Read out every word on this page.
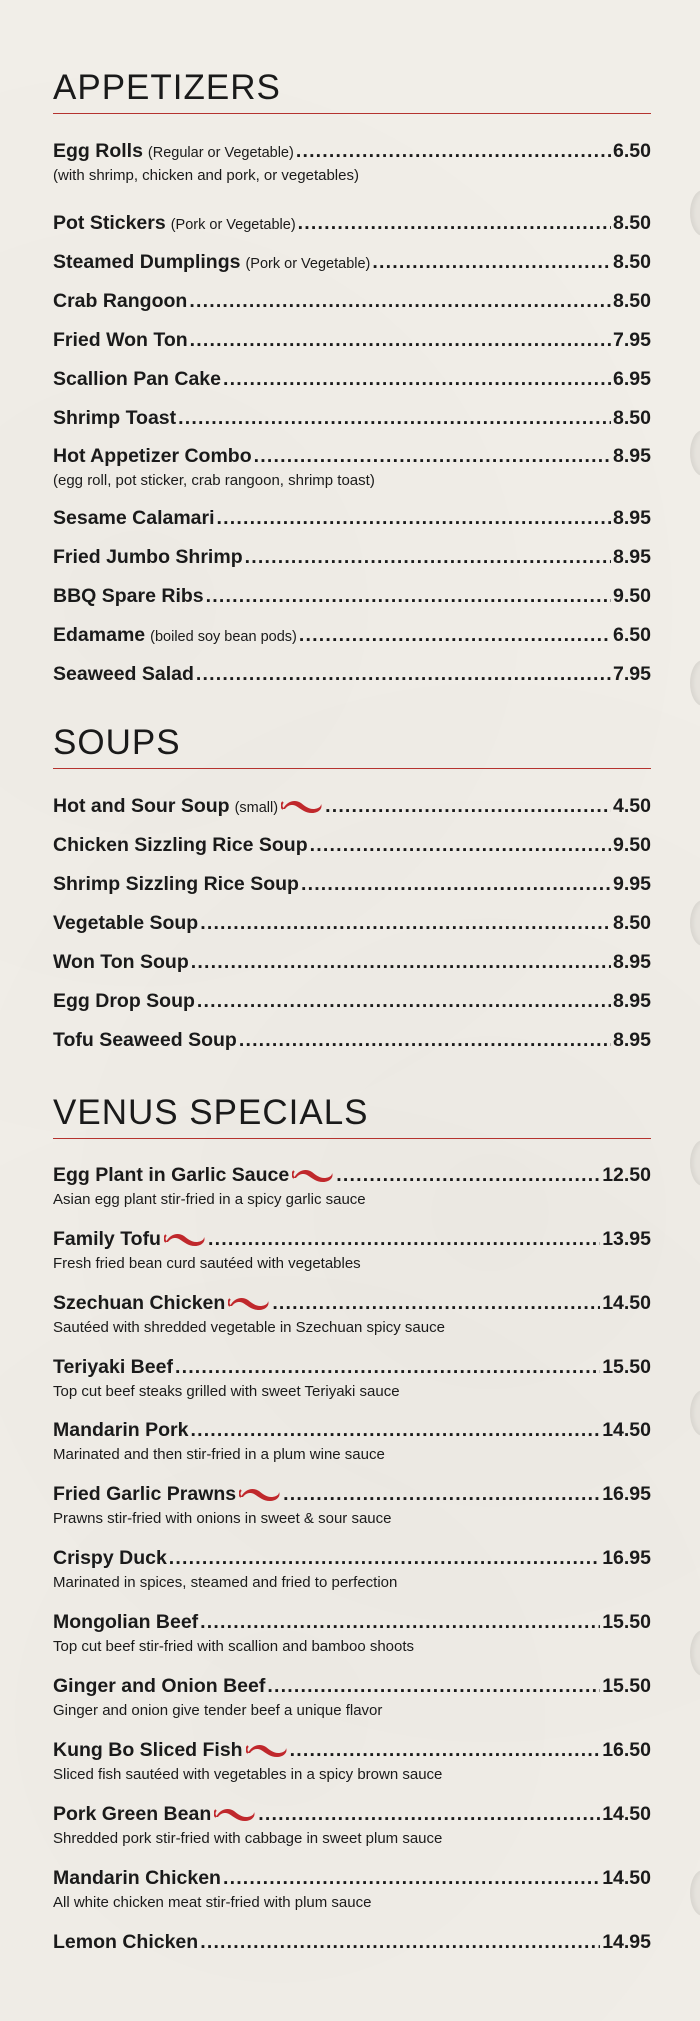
APPETIZERS
Egg Rolls (Regular or Vegetable) .....	6.50
(with shrimp, chicken and pork, or vegetables)
Pot Stickers (Pork or Vegetable) .....	8.50
Steamed Dumplings (Pork or Vegetable) .....	8.50
Crab Rangoon .....	8.50
Fried Won Ton .....	7.95
Scallion Pan Cake .....	6.95
Shrimp Toast .....	8.50
Hot Appetizer Combo .....	8.95
(egg roll, pot sticker, crab rangoon, shrimp toast)
Sesame Calamari .....	8.95
Fried Jumbo Shrimp .....	8.95
BBQ Spare Ribs .....	9.50
Edamame (boiled soy bean pods) .....	6.50
Seaweed Salad .....	7.95
SOUPS
Hot and Sour Soup (small) .....	4.50
Chicken Sizzling Rice Soup .....	9.50
Shrimp Sizzling Rice Soup .....	9.95
Vegetable Soup .....	8.50
Won Ton Soup .....	8.95
Egg Drop Soup .....	8.95
Tofu Seaweed Soup .....	8.95
VENUS SPECIALS
Egg Plant in Garlic Sauce .....	12.50
Asian egg plant stir-fried in a spicy garlic sauce
Family Tofu .....	13.95
Fresh fried bean curd sautéed with vegetables
Szechuan Chicken .....	14.50
Sautéed with shredded vegetable in Szechuan spicy sauce
Teriyaki Beef .....	15.50
Top cut beef steaks grilled with sweet Teriyaki sauce
Mandarin Pork .....	14.50
Marinated and then stir-fried in a plum wine sauce
Fried Garlic Prawns .....	16.95
Prawns stir-fried with onions in sweet & sour sauce
Crispy Duck .....	16.95
Marinated in spices, steamed and fried to perfection
Mongolian Beef .....	15.50
Top cut beef stir-fried with scallion and bamboo shoots
Ginger and Onion Beef .....	15.50
Ginger and onion give tender beef a unique flavor
Kung Bo Sliced Fish .....	16.50
Sliced fish sautéed with vegetables in a spicy brown sauce
Pork Green Bean .....	14.50
Shredded pork stir-fried with cabbage in sweet plum sauce
Mandarin Chicken .....	14.50
All white chicken meat stir-fried with plum sauce
Lemon Chicken .....	14.95
